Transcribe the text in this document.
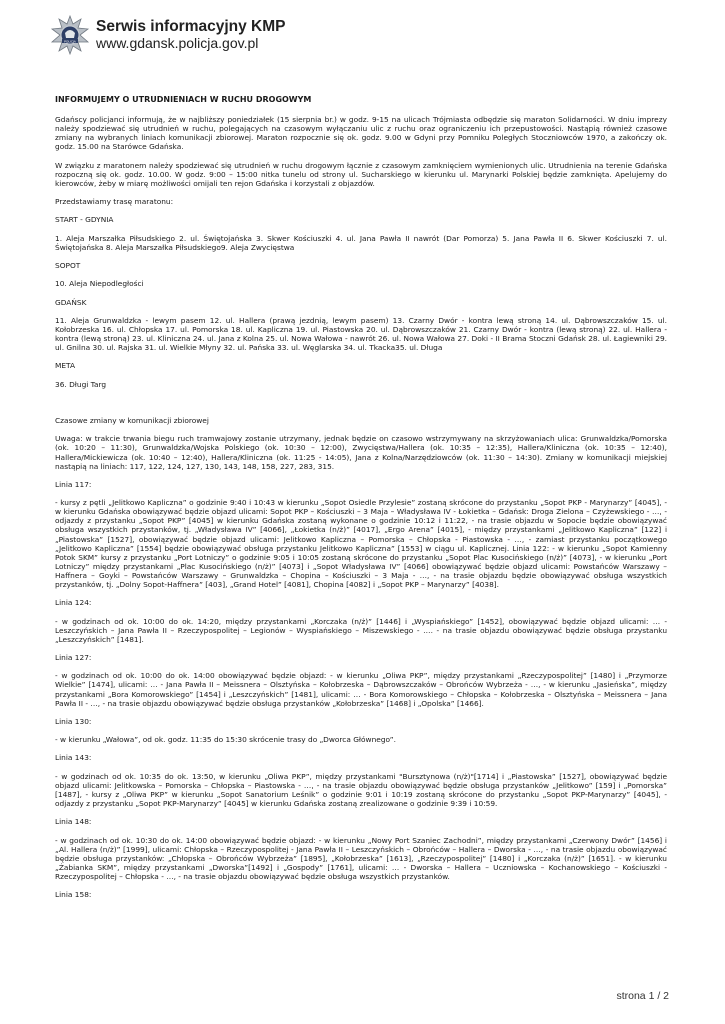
POLICJA
Serwis informacyjny KMP
www.gdansk.policja.gov.pl
INFORMUJEMY O UTRUDNIENIACH W RUCHU DROGOWYM

Gdańscy policjanci informują, że w najbliższy poniedziałek (15 sierpnia br.) w godz. 9-15 na ulicach Trójmiasta odbędzie się maraton Solidarności. W dniu imprezy należy spodziewać się utrudnień w ruchu, polegających na czasowym wyłączaniu ulic z ruchu oraz ograniczeniu ich przepustowości. Nastąpią również czasowe zmiany na wybranych liniach komunikacji zbiorowej. Maraton rozpocznie się ok. godz. 9.00 w Gdyni przy Pomniku Poległych Stoczniowców 1970, a zakończy ok. godz. 15.00 na Starówce Gdańska.

W związku z maratonem należy spodziewać się utrudnień w ruchu drogowym łącznie z czasowym zamknięciem wymienionych ulic. Utrudnienia na terenie Gdańska rozpoczną się ok. godz. 10.00. W godz. 9:00 – 15:00 nitka tunelu od strony ul. Sucharskiego w kierunku ul. Marynarki Polskiej będzie zamknięta. Apelujemy do kierowców, żeby w miarę możliwości omijali ten rejon Gdańska i korzystali z objazdów.

Przedstawiamy trasę maratonu:

START - GDYNIA

1. Aleja Marszałka Piłsudskiego 2. ul. Świętojańska 3. Skwer Kościuszki 4. ul. Jana Pawła II nawrót (Dar Pomorza) 5. Jana Pawła II 6. Skwer Kościuszki 7. ul. Świętojańska 8. Aleja Marszałka Piłsudskiego9. Aleja Zwycięstwa

SOPOT

10. Aleja Niepodległości

GDAŃSK

11. Aleja Grunwaldzka - lewym pasem 12. ul. Hallera (prawą jezdnią, lewym pasem) 13. Czarny Dwór - kontra lewą stroną 14. ul. Dąbrowszczaków 15. ul. Kołobrzeska 16. ul. Chłopska 17. ul. Pomorska 18. ul. Kapliczna 19. ul. Piastowska 20. ul. Dąbrowszczaków 21. Czarny Dwór - kontra (lewą stroną) 22. ul. Hallera - kontra (lewą stroną) 23. ul. Kliniczna 24. ul. Jana z Kolna 25. ul. Nowa Wałowa - nawrót 26. ul. Nowa Wałowa 27. Doki - II Brama Stoczni Gdańsk 28. ul. Łagiewniki 29. ul. Gnilna 30. ul. Rajska 31. ul. Wielkie Młyny 32. ul. Pańska 33. ul. Węglarska 34. ul. Tkacka35. ul. Długa

META

36. Długi Targ

Czasowe zmiany w komunikacji zbiorowej

Uwaga: w trakcie trwania biegu ruch tramwajowy zostanie utrzymany, jednak będzie on czasowo wstrzymywany na skrzyżowaniach ulica: Grunwaldzka/Pomorska (ok. 10:20 – 11:30), Grunwaldzka/Wojska Polskiego (ok. 10:30 – 12:00), Zwycięstwa/Hallera (ok. 10:35 – 12:35), Hallera/Kliniczna (ok. 10:35 – 12:40), Hallera/Mickiewicza (ok. 10:40 – 12:40), Hallera/Kliniczna (ok. 11:25 - 14:05), Jana z Kolna/Narzędziowców (ok. 11:30 – 14:30). Zmiany w komunikacji miejskiej nastąpią na liniach: 117, 122, 124, 127, 130, 143, 148, 158, 227, 283, 315.

Linia 117:

- kursy z pętli „Jelitkowo Kapliczna” o godzinie 9:40 i 10:43 w kierunku „Sopot Osiedle Przylesie” zostaną skrócone do przystanku „Sopot PKP - Marynarzy” [4045], - w kierunku Gdańska obowiązywać będzie objazd ulicami: Sopot PKP – Kościuszki – 3 Maja – Władysława IV - Łokietka – Gdańsk: Droga Zielona – Czyżewskiego - …, - odjazdy z przystanku „Sopot PKP” [4045] w kierunku Gdańska zostaną wykonane o godzinie 10:12 i 11:22, - na trasie objazdu w Sopocie będzie obowiązywać obsługa wszystkich przystanków, tj. „Władysława IV” [4066], „Łokietka (n/ż)” [4017], „Ergo Arena” [4015], - między przystankami „Jelitkowo Kapliczna” [122] i „Piastowska” [1527], obowiązywać będzie objazd ulicami: Jelitkowo Kapliczna – Pomorska – Chłopska - Piastowska - …, - zamiast przystanku początkowego „Jelitkowo Kapliczna” [1554] będzie obowiązywać obsługa przystanku Jelitkowo Kapliczna” [1553] w ciągu ul. Kaplicznej. Linia 122: - w kierunku „Sopot Kamienny Potok SKM” kursy z przystanku „Port Lotniczy” o godzinie 9:05 i 10:05 zostaną skrócone do przystanku „Sopot Plac Kusocińskiego (n/ż)” [4073], - w kierunku „Port Lotniczy” między przystankami „Plac Kusocińskiego (n/ż)” [4073] i „Sopot Władysława IV” [4066] obowiązywać będzie objazd ulicami: Powstańców Warszawy – Haffnera – Goyki – Powstańców Warszawy – Grunwaldzka – Chopina – Kościuszki – 3 Maja - …, - na trasie objazdu będzie obowiązywać obsługa wszystkich przystanków, tj. „Dolny Sopot-Haffnera” [403], „Grand Hotel” [4081], Chopina [4082] i „Sopot PKP – Marynarzy” [4038].

Linia 124:

- w godzinach od ok. 10:00 do ok. 14:20, między przystankami „Korczaka (n/ż)” [1446] i „Wyspiańskiego” [1452], obowiązywać będzie objazd ulicami: … - Leszczyńskich – Jana Pawła II – Rzeczypospolitej – Legionów – Wyspiańskiego – Miszewskiego - …. - na trasie objazdu obowiązywać będzie obsługa przystanku „Leszczyńskich” [1481].

Linia 127:

- w godzinach od ok. 10:00 do ok. 14:00 obowiązywać będzie objazd: - w kierunku „Oliwa PKP”, między przystankami „Rzeczypospolitej” [1480] i „Przymorze Wielkie” [1474], ulicami: … - Jana Pawła II – Meissnera – Olsztyńska – Kołobrzeska – Dąbrowszczaków – Obrońców Wybrzeża - …, - w kierunku „Jasieńska”, między przystankami „Bora Komorowskiego” [1454] i „Leszczyńskich” [1481], ulicami: … - Bora Komorowskiego – Chłopska – Kołobrzeska – Olsztyńska – Meissnera – Jana Pawła II - …, - na trasie objazdu obowiązywać będzie obsługa przystanków „Kołobrzeska” [1468] i „Opolska” [1466].

Linia 130:

- w kierunku „Wałowa”, od ok. godz. 11:35 do 15:30 skrócenie trasy do „Dworca Głównego”.

Linia 143:

- w godzinach od ok. 10:35 do ok. 13:50, w kierunku „Oliwa PKP”, między przystankami "Bursztynowa (n/ż)"[1714] i „Piastowska” [1527], obowiązywać będzie objazd ulicami: Jelitkowska – Pomorska – Chłopska – Piastowska - …, - na trasie objazdu obowiązywać będzie obsługa przystanków „Jelitkowo” [159] i „Pomorska” [1487], - kursy z „Oliwa PKP” w kierunku „Sopot Sanatorium Leśnik” o godzinie 9:01 i 10:19 zostaną skrócone do przystanku „Sopot PKP-Marynarzy” [4045], - odjazdy z przystanku „Sopot PKP-Marynarzy” [4045] w kierunku Gdańska zostaną zrealizowane o godzinie 9:39 i 10:59.

Linia 148:

- w godzinach od ok. 10:30 do ok. 14:00 obowiązywać będzie objazd: - w kierunku „Nowy Port Szaniec Zachodni”, między przystankami „Czerwony Dwór” [1456] i „Al. Hallera (n/ż)” [1999], ulicami: Chłopska – Rzeczypospolitej - Jana Pawła II – Leszczyńskich – Obrońców – Hallera – Dworska - …, - na trasie objazdu obowiązywać będzie obsługa przystanków: „Chłopska – Obrońców Wybrzeża” [1895], „Kołobrzeska” [1613], „Rzeczypospolitej” [1480] i „Korczaka (n/ż)” [1651]. - w kierunku „Żabianka SKM”, między przystankami „Dworska”[1492] i „Gospody” [1761], ulicami: … - Dworska – Hallera – Uczniowska – Kochanowskiego – Kościuszki - Rzeczypospolitej – Chłopska - …, - na trasie objazdu obowiązywać będzie obsługa wszystkich przystanków.

Linia 158:

strona 1 / 2
